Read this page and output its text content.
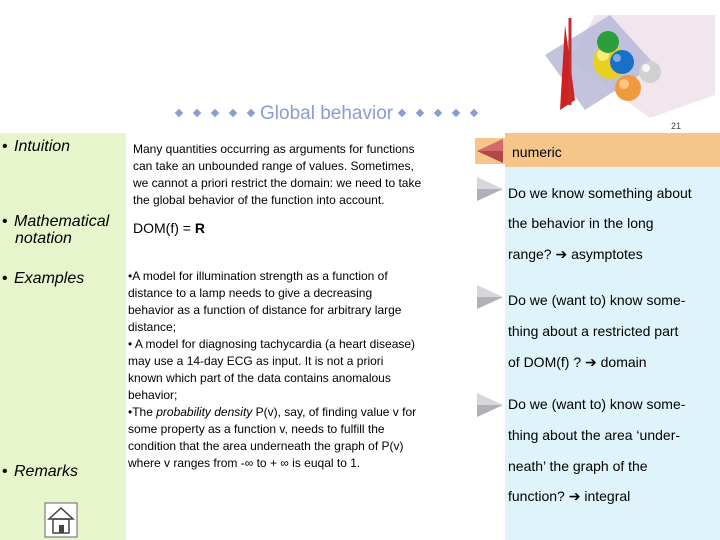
Global behavior
21
• Intuition
• Mathematical
notation
• Examples
• Remarks
Many quantities occurring as arguments for functions
can take an unbounded range of values. Sometimes,
we cannot a priori restrict the domain: we need to take
the global behavior of the function into account.
DOM(f) = R
•A model for illumination strength as a function of
distance to a lamp needs to give a decreasing
behavior as a function of distance for arbitrary large
distance;
• A model for diagnosing tachycardia (a heart disease)
may use a 14-day ECG as input. It is not a priori
known which part of the data contains anomalous
behavior;
•The probability density P(v), say, of finding value v for
some property as a function v, needs to fulfill the
condition that the area underneath the graph of P(v)
where v ranges from -∞ to + ∞ is euqal to 1.
numeric
Do we know something about
the behavior in the long
range? ➔ asymptotes
Do we (want to) know some-
thing about a restricted part
of DOM(f) ? ➔ domain
Do we (want to) know some-
thing about the area ‘under-
neath’ the graph of the
function? ➔ integral
